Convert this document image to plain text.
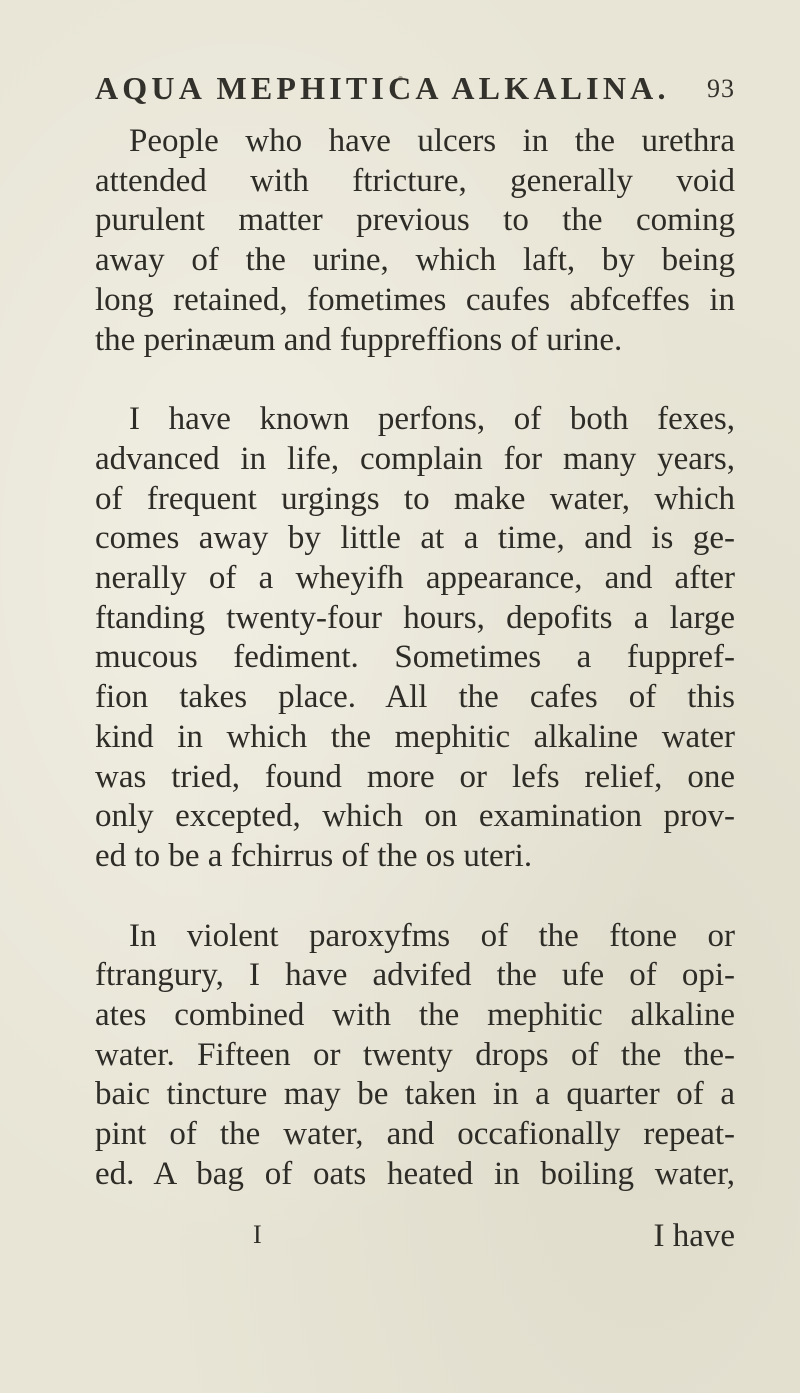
AQUA MEPHITICA ALKALINA. 93

People who have ulcers in the urethra
attended with ftricture, generally void
purulent matter previous to the coming
away of the urine, which laft, by being
long retained, fometimes caufes abfceffes in
the perinæum and fuppreffions of urine.

I have known perfons, of both fexes,
advanced in life, complain for many years,
of frequent urgings to make water, which
comes away by little at a time, and is ge-
nerally of a wheyifh appearance, and after
ftanding twenty-four hours, depofits a large
mucous fediment. Sometimes a fuppref-
fion takes place. All the cafes of this
kind in which the mephitic alkaline water
was tried, found more or lefs relief, one
only excepted, which on examination prov-
ed to be a fchirrus of the os uteri.

In violent paroxyfms of the ftone or
ftrangury, I have advifed the ufe of opi-
ates combined with the mephitic alkaline
water. Fifteen or twenty drops of the the-
baic tincture may be taken in a quarter of a
pint of the water, and occafionally repeat-
ed. A bag of oats heated in boiling water,

I	I have
